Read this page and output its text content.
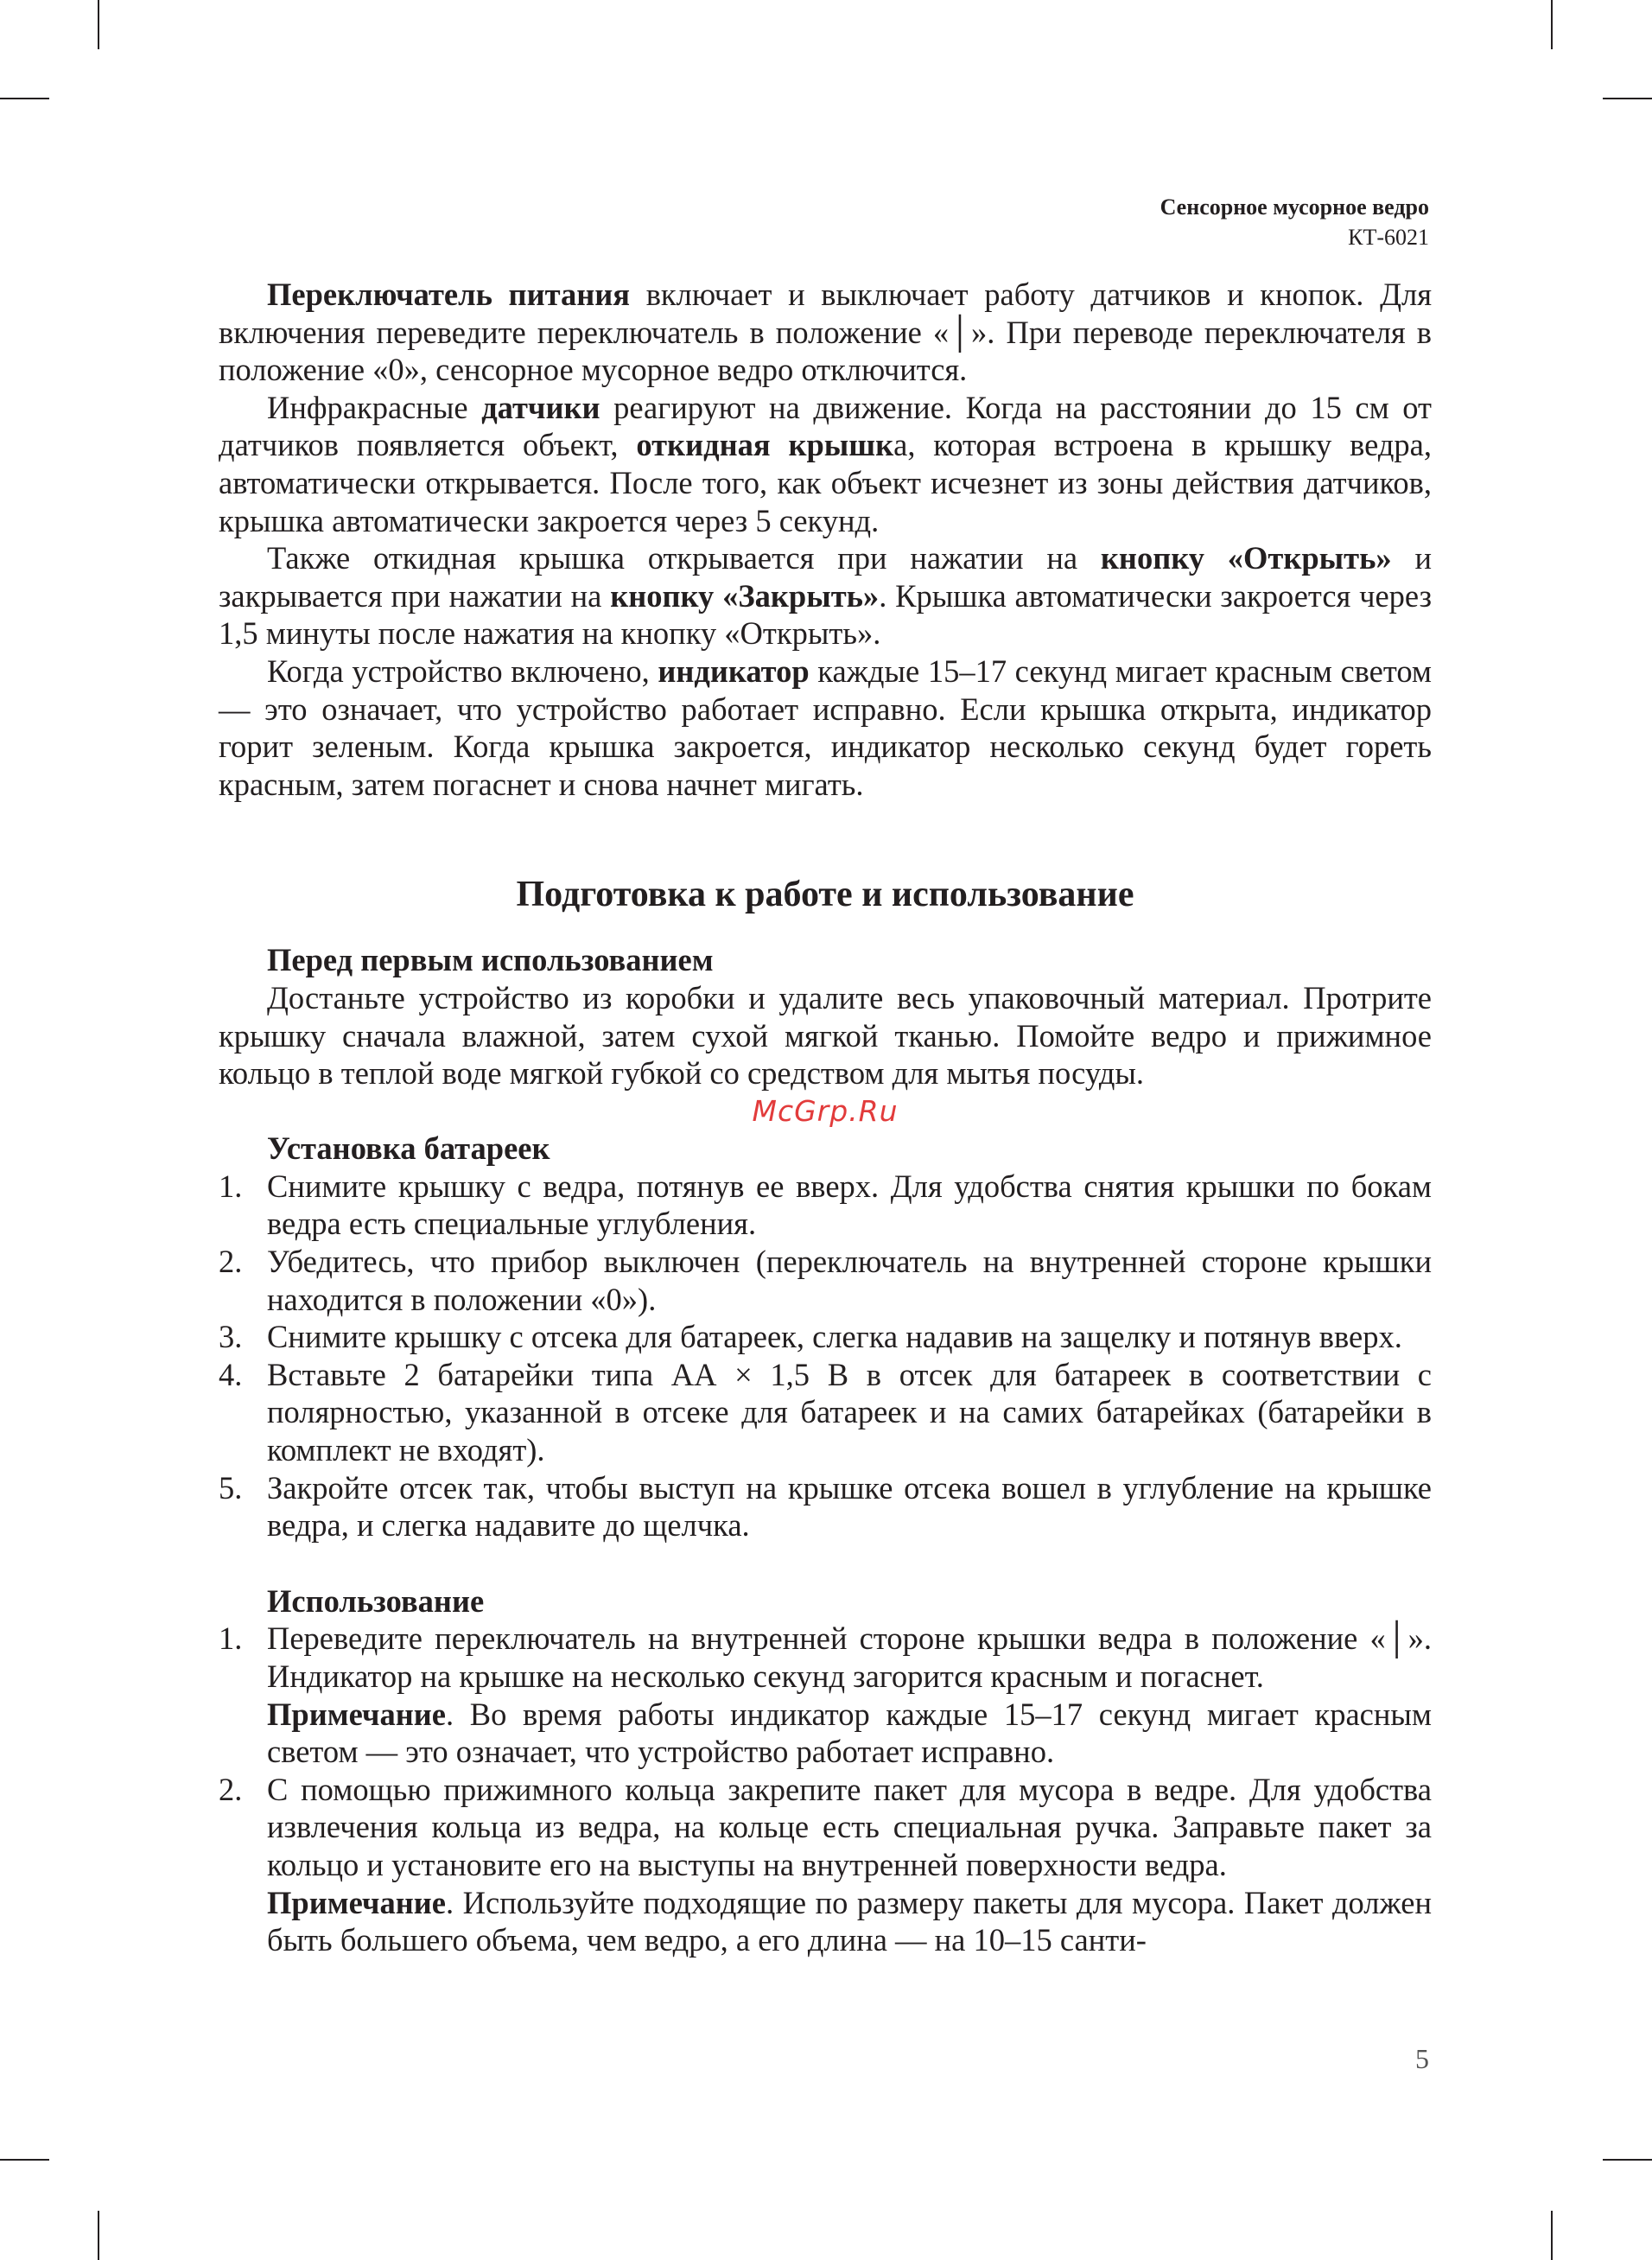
Сенсорное мусорное ведро
КТ-6021

Переключатель питания включает и выключает работу датчиков и кнопок. Для включения переведите переключатель в положение «│». При переводе переключателя в положение «0», сенсорное мусорное ведро отключится.

Инфракрасные датчики реагируют на движение. Когда на расстоянии до 15 см от датчиков появляется объект, откидная крышка, которая встроена в крышку ведра, автоматически открывается. После того, как объект исчезнет из зоны действия датчиков, крышка автоматически закроется через 5 секунд.

Также откидная крышка открывается при нажатии на кнопку «Открыть» и закрывается при нажатии на кнопку «Закрыть». Крышка автоматически закроется через 1,5 минуты после нажатия на кнопку «Открыть».

Когда устройство включено, индикатор каждые 15–17 секунд мигает красным светом — это означает, что устройство работает исправно. Если крышка открыта, индикатор горит зеленым. Когда крышка закроется, индикатор несколько секунд будет гореть красным, затем погаснет и снова начнет мигать.

Подготовка к работе и использование
Перед первым использованием

Достаньте устройство из коробки и удалите весь упаковочный материал. Протрите крышку сначала влажной, затем сухой мягкой тканью. Помойте ведро и прижимное кольцо в теплой воде мягкой губкой со средством для мытья посуды.

McGrp.Ru
Установка батареек
1. Снимите крышку с ведра, потянув ее вверх. Для удобства снятия крышки по бокам ведра есть специальные углубления.
2. Убедитесь, что прибор выключен (переключатель на внутренней стороне крышки находится в положении «0»).
3. Снимите крышку с отсека для батареек, слегка надавив на защелку и потянув вверх.
4. Вставьте 2 батарейки типа АА × 1,5 В в отсек для батареек в соответствии с полярностью, указанной в отсеке для батареек и на самих батарейках (батарейки в комплект не входят).
5. Закройте отсек так, чтобы выступ на крышке отсека вошел в углубление на крышке ведра, и слегка надавите до щелчка.
Использование
1. Переведите переключатель на внутренней стороне крышки ведра в положение «│». Индикатор на крышке на несколько секунд загорится красным и погаснет.
Примечание. Во время работы индикатор каждые 15–17 секунд мигает красным светом — это означает, что устройство работает исправно.
2. С помощью прижимного кольца закрепите пакет для мусора в ведре. Для удобства извлечения кольца из ведра, на кольце есть специальная ручка. Заправьте пакет за кольцо и установите его на выступы на внутренней поверхности ведра.
Примечание. Используйте подходящие по размеру пакеты для мусора. Пакет должен быть большего объема, чем ведро, а его длина — на 10–15 санти-
5
